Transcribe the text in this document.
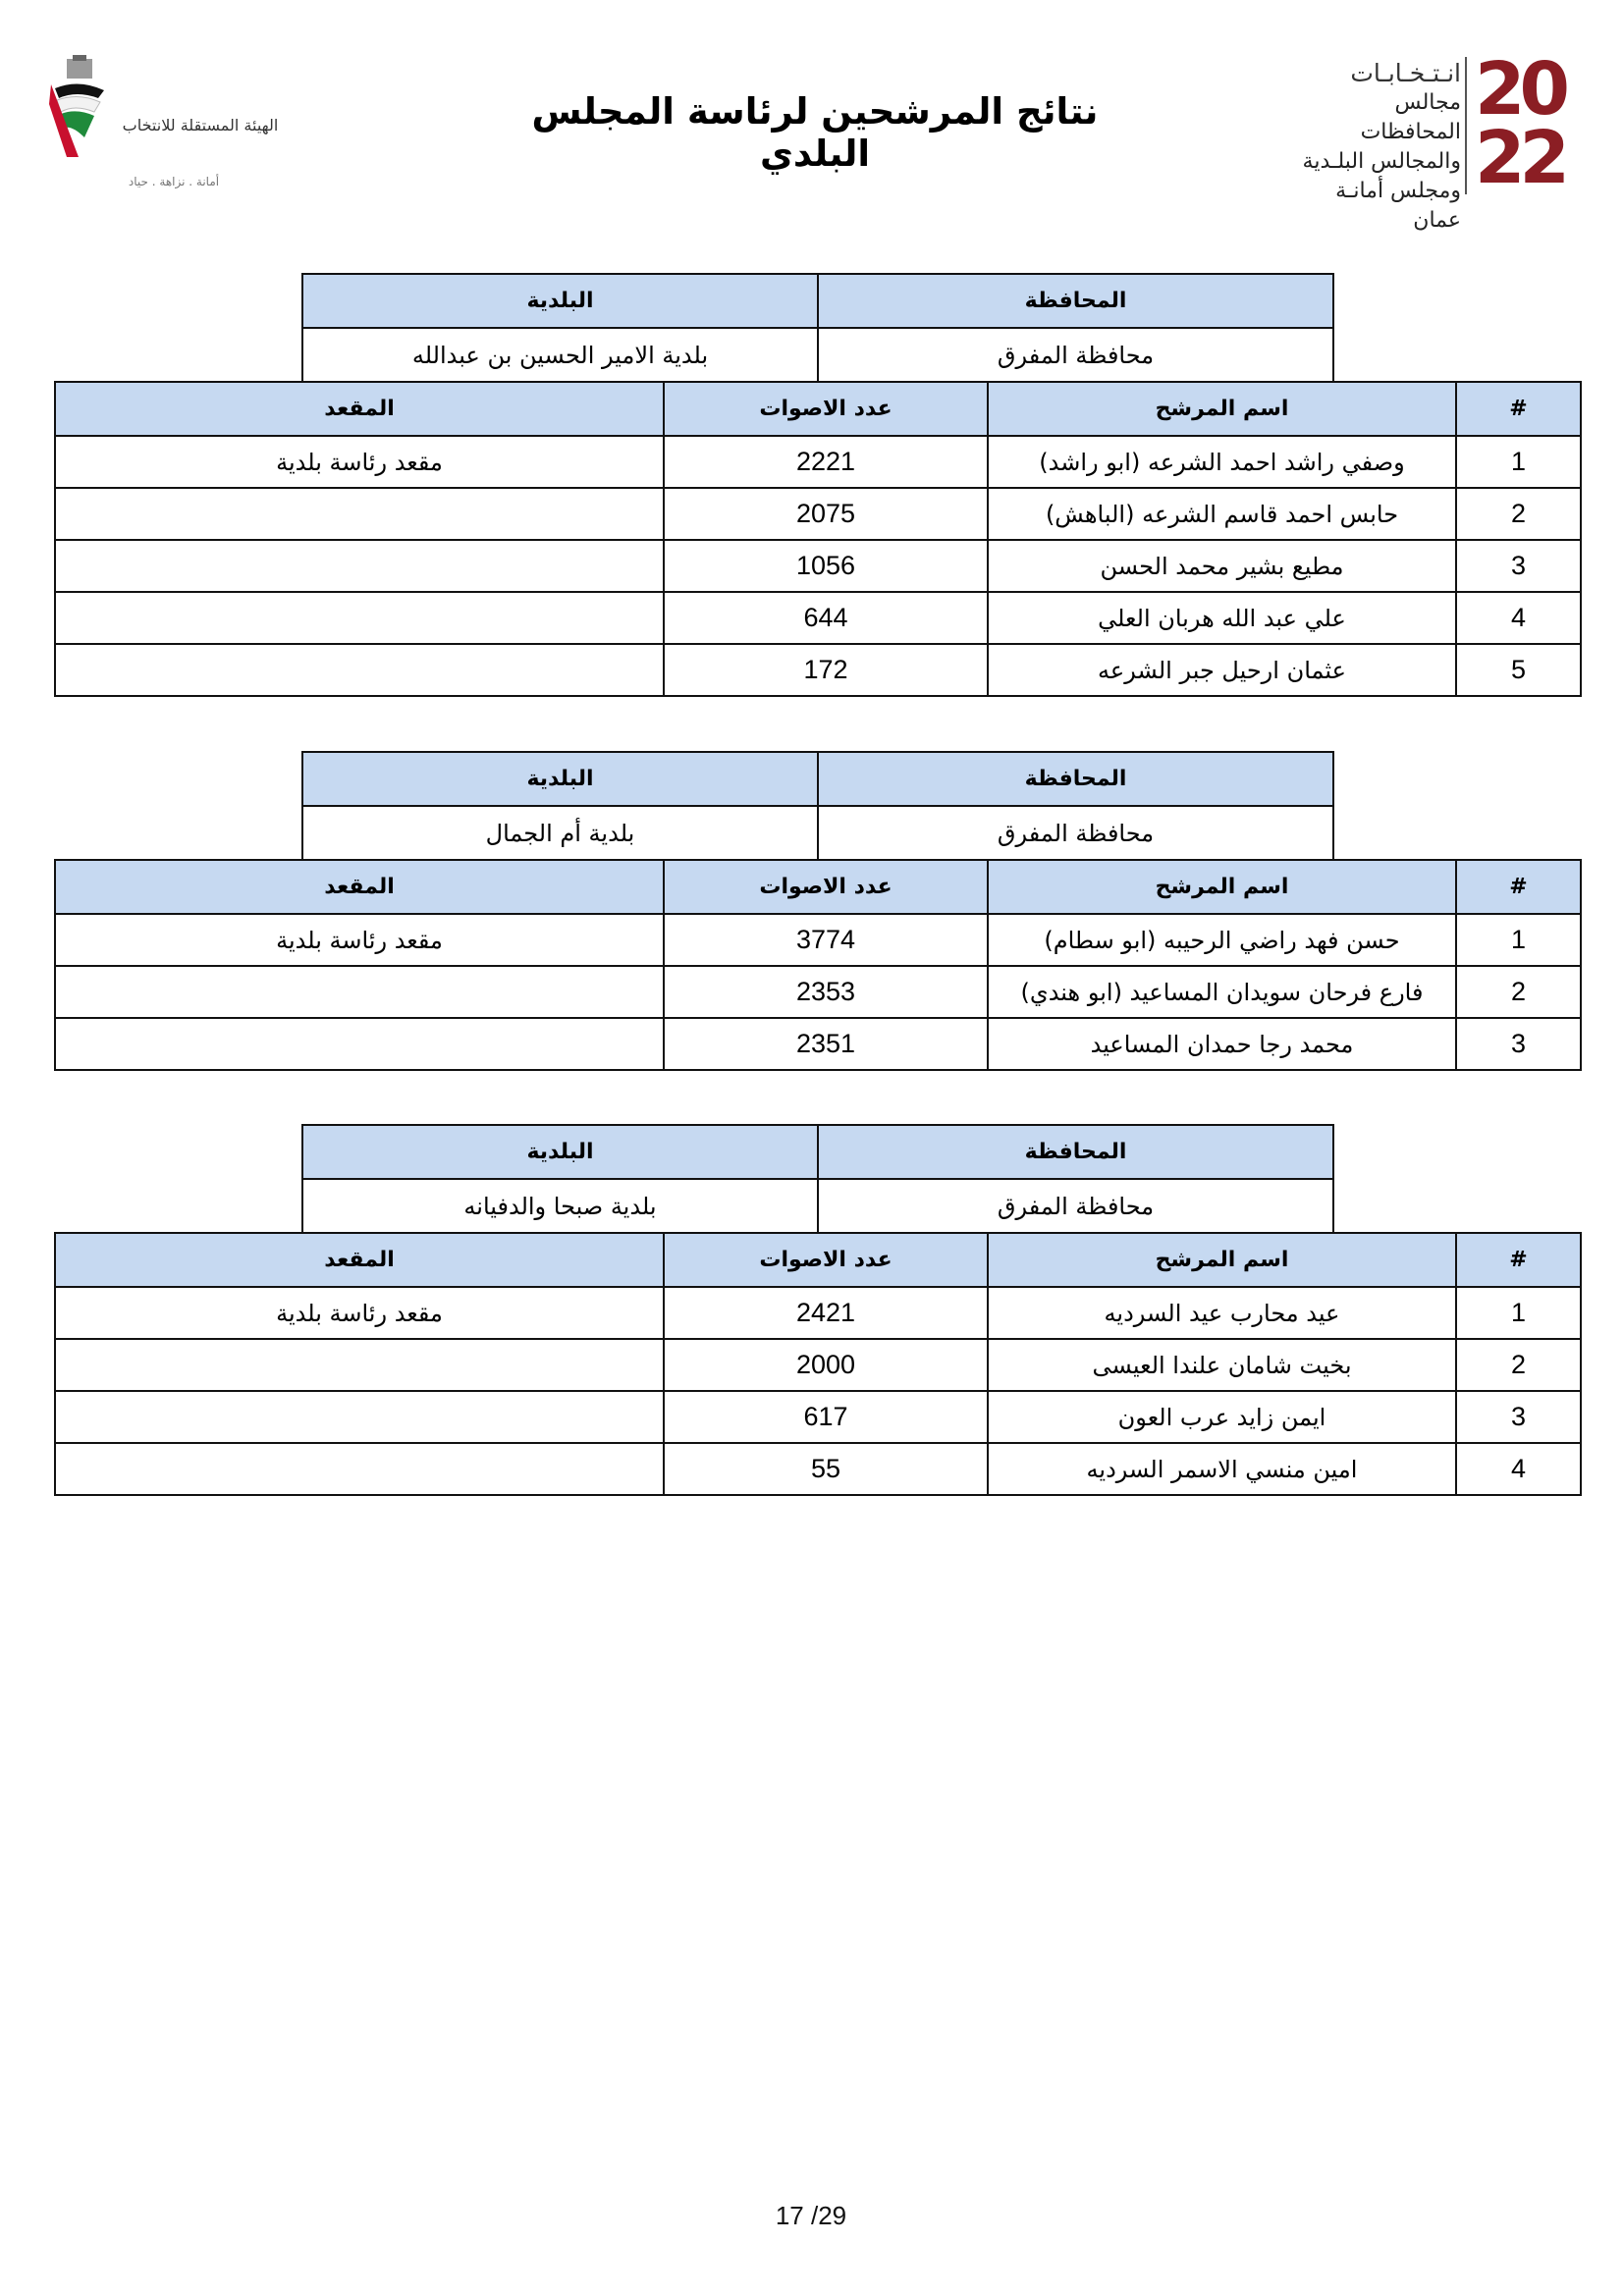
نتائج المرشحين لرئاسة المجلس البلدي
20
22
انـتـخـابـات
مجالس المحافظات
والمجالس البلـدية
ومجلس أمانـة عمان
الهيئة المستقلة للانتخاب
أمانة . نزاهة . حياد
المحافظة	البلدية
محافظة المفرق	بلدية الامير الحسين بن عبدالله
#	اسم المرشح	عدد الاصوات	المقعد
1	وصفي راشد احمد الشرعه (ابو راشد)	2221	مقعد رئاسة بلدية
2	حابس احمد قاسم الشرعه (الباهش)	2075	
3	مطيع بشير محمد الحسن	1056	
4	علي عبد الله هربان العلي	644	
5	عثمان ارحيل جبر الشرعه	172	
المحافظة	البلدية
محافظة المفرق	بلدية أم الجمال
#	اسم المرشح	عدد الاصوات	المقعد
1	حسن فهد راضي الرحيبه (ابو سطام)	3774	مقعد رئاسة بلدية
2	فارع فرحان سويدان المساعيد (ابو هندي)	2353	
3	محمد رجا حمدان المساعيد	2351	
المحافظة	البلدية
محافظة المفرق	بلدية صبحا والدفيانه
#	اسم المرشح	عدد الاصوات	المقعد
1	عيد محارب عيد السرديه	2421	مقعد رئاسة بلدية
2	بخيت شامان علندا العيسى	2000	
3	ايمن زايد عرب العون	617	
4	امين منسي الاسمر السرديه	55	
17 /29
